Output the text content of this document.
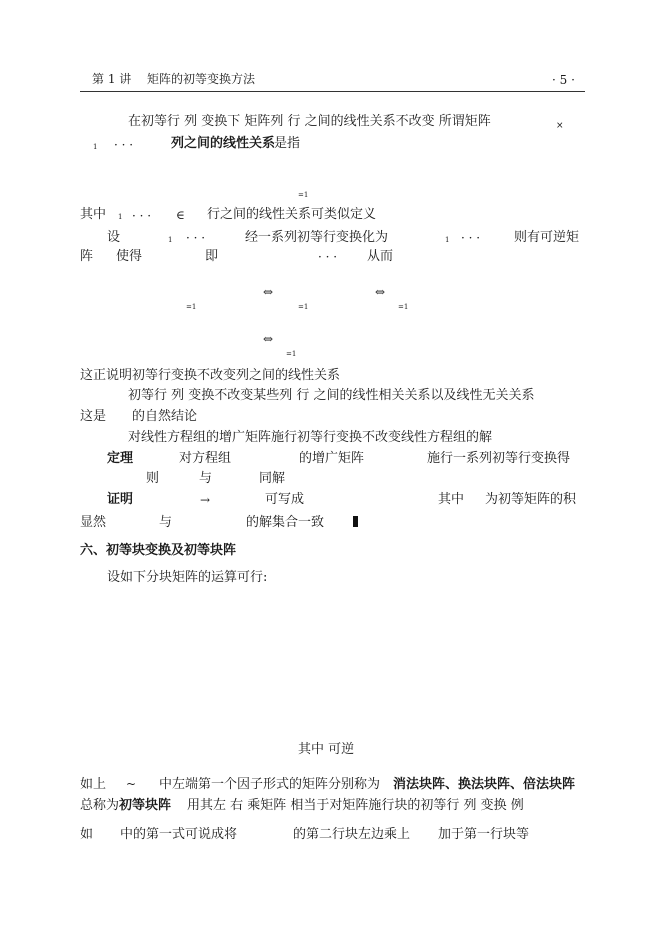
第 1 讲 矩阵的初等变换方法	· 5 ·
在初等行 列 变换下 矩阵列 行 之间的线性关系不改变 所谓矩阵	×
1 · · ·	列之间的线性关系
是指
=1
其中 1 · · · ∈ 行之间的线性关系可类似定义
设	1 · · ·	经一系列初等行变换化为	1 · · ·	则有可逆矩
阵 使得	即	· · · 从而
⇔	⇔
=1	=1	=1
⇔
=1
这正说明初等行变换不改变列之间的线性关系
初等行 列 变换不改变某些列 行 之间的线性相关关系以及线性无关关系
这是 的自然结论
对线性方程组的增广矩阵施行初等行变换不改变线性方程组的解
定理	对方程组	的增广矩阵	施行一系列初等行变换得
则	与	同解
证明	→	可写成	其中 为初等矩阵的积
显然	与	的解集合一致
六、初等块变换及初等块阵
设如下分块矩阵的运算可行:
其中 可逆
如上 ~ 中左端第一个因子形式的矩阵分别称为 消法块阵、换法块阵、倍法块阵
总称为 初等块阵 用其左 右 乘矩阵 相当于对矩阵施行块的初等行 列 变换 例
如 中的第一式可说成将	的第二行块左边乘上 加于第一行块等
